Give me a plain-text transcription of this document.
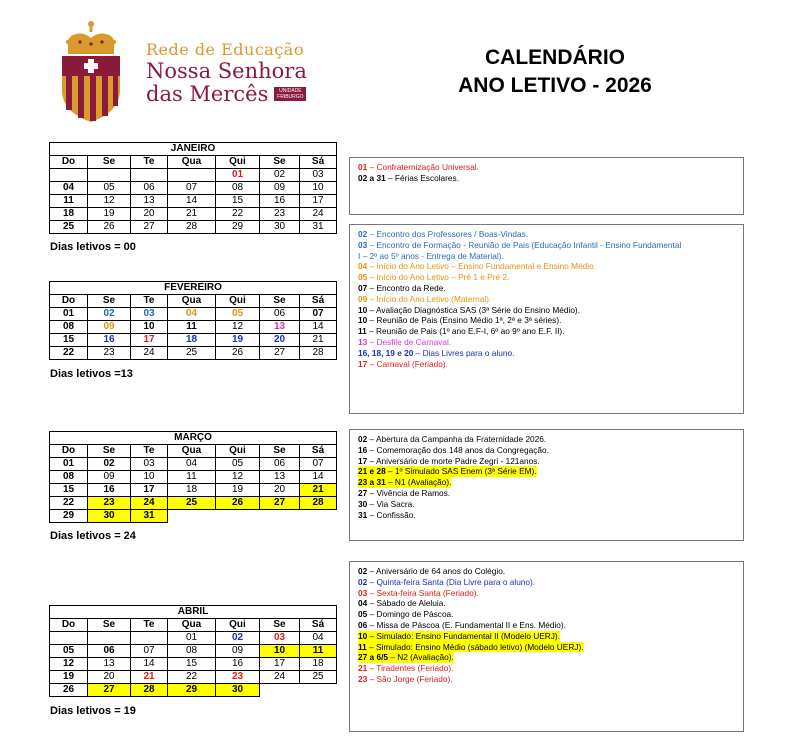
Rede de Educação
Nossa Senhora
das Mercês	UNIDADE FRIBURGO
CALENDÁRIO
ANO LETIVO - 2026
JANEIRO						
Do	Se	Te	Qua	Qui	Se	Sá
				01	02	03
04	05	06	07	08	09	10
11	12	13	14	15	16	17
18	19	20	21	22	23	24
25	26	27	28	29	30	31
Dias letivos = 00
01 – Confraternização Universal.
02 a 31 – Férias Escolares.
FEVEREIRO						
Do	Se	Te	Qua	Qui	Se	Sá
01	02	03	04	05	06	07
08	09	10	11	12	13	14
15	16	17	18	19	20	21
22	23	24	25	26	27	28
Dias letivos =13
02 – Encontro dos Professores / Boas-Vindas.
03 – Encontro de Formação - Reunião de Pais (Educação Infantil - Ensino Fundamental
I – 2º ao 5º anos - Entrega de Material).
04 – Início do Ano Letivo – Ensino Fundamental e Ensino Médio.
05 – Início do Ano Letivo – Pré 1 e Pré 2.
07 – Encontro da Rede.
09 – Início do Ano Letivo (Maternal).
10 – Avaliação Diagnóstica SAS (3ª Série do Ensino Médio).
10 – Reunião de Pais (Ensino Médio 1ª, 2ª e 3ª séries).
11 – Reunião de Pais (1º ano E.F-I, 6º ao 9º ano E.F. II).
13 – Desfile de Carnaval.
16, 18, 19 e 20 – Dias Livres para o aluno.
17 – Carnaval (Feriado).
MARÇO						
Do	Se	Te	Qua	Qui	Se	Sá
01	02	03	04	05	06	07
08	09	10	11	12	13	14
15	16	17	18	19	20	21
22	23	24	25	26	27	28
29	30	31				
Dias letivos = 24
02 – Abertura da Campanha da Fraternidade 2026.
16 – Comemoração dos 148 anos da Congregação.
17 – Aniversário de morte Padre Zegri - 121anos.
21 e 28 – 1º Simulado SAS Enem (3ª Série EM).
23 a 31 – N1 (Avaliação).
27 – Vivência de Ramos.
30 – Via Sacra.
31 – Confissão.
ABRIL						
Do	Se	Te	Qua	Qui	Se	Sá
			01	02	03	04
05	06	07	08	09	10	11
12	13	14	15	16	17	18
19	20	21	22	23	24	25
26	27	28	29	30		
Dias letivos = 19
02 – Aniversário de 64 anos do Colégio.
02 – Quinta-feira Santa (Dia Livre para o aluno).
03 – Sexta-feira Santa (Feriado).
04 – Sábado de Aleluia.
05 – Domingo de Páscoa.
06 – Missa de Páscoa (E. Fundamental II e Ens. Médio).
10 – Simulado: Ensino Fundamental II (Modelo UERJ).
11 – Simulado: Ensino Médio (sábado letivo) (Modelo UERJ).
27 a 6/5 – N2 (Avaliação).
21 – Tiradentes (Feriado).
23 – São Jorge (Feriado).
